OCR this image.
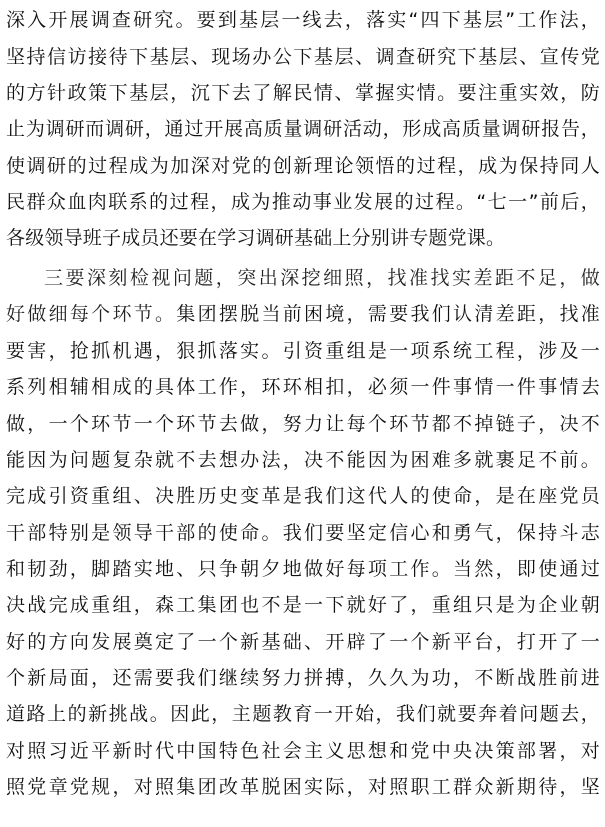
深入开展调查研究。要到基层一线去，落实“四下基层”工作法，
坚持信访接待下基层、现场办公下基层、调查研究下基层、宣传党
的方针政策下基层，沉下去了解民情、掌握实情。要注重实效，防
止为调研而调研，通过开展高质量调研活动，形成高质量调研报告，
使调研的过程成为加深对党的创新理论领悟的过程，成为保持同人
民群众血肉联系的过程，成为推动事业发展的过程。“七一”前后，
各级领导班子成员还要在学习调研基础上分别讲专题党课。
三要深刻检视问题，突出深挖细照，找准找实差距不足，做
好做细每个环节。集团摆脱当前困境，需要我们认清差距，找准
要害，抢抓机遇，狠抓落实。引资重组是一项系统工程，涉及一
系列相辅相成的具体工作，环环相扣，必须一件事情一件事情去
做，一个环节一个环节去做，努力让每个环节都不掉链子，决不
能因为问题复杂就不去想办法，决不能因为困难多就裹足不前。
完成引资重组、决胜历史变革是我们这代人的使命，是在座党员
干部特别是领导干部的使命。我们要坚定信心和勇气，保持斗志
和韧劲，脚踏实地、只争朝夕地做好每项工作。当然，即使通过
决战完成重组，森工集团也不是一下就好了，重组只是为企业朝
好的方向发展奠定了一个新基础、开辟了一个新平台，打开了一
个新局面，还需要我们继续努力拼搏，久久为功，不断战胜前进
道路上的新挑战。因此，主题教育一开始，我们就要奔着问题去，
对照习近平新时代中国特色社会主义思想和党中央决策部署，对
照党章党规，对照集团改革脱困实际，对照职工群众新期待，坚
